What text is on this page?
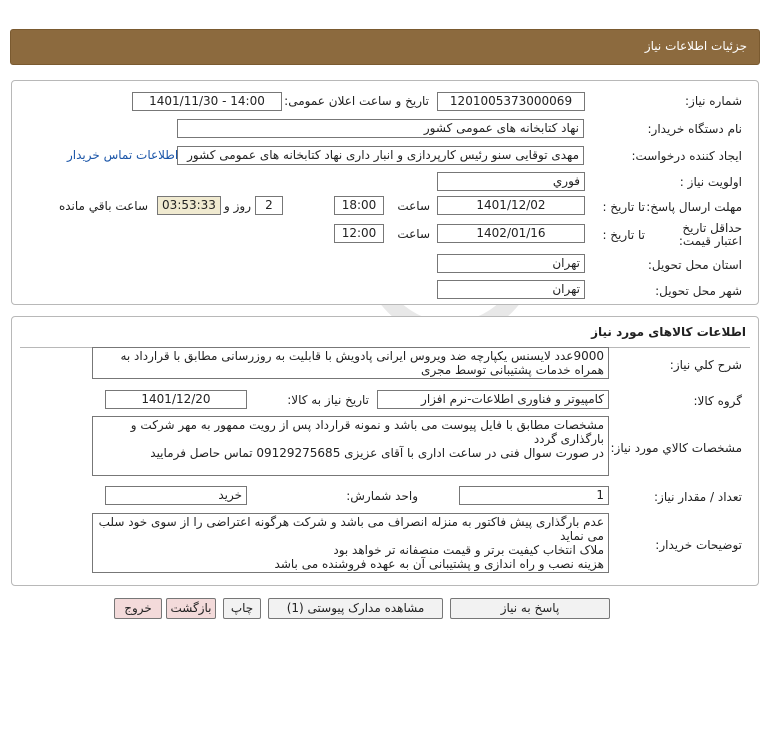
جزئیات اطلاعات نیاز
شماره نیاز:
1201005373000069
تاریخ و ساعت اعلان عمومی:
1401/11/30 - 14:00
نام دستگاه خریدار:
نهاد کتابخانه های عمومی کشور
ایجاد کننده درخواست:
مهدی توقایی سنو رئیس کارپردازی و انبار داری نهاد کتابخانه های عمومی کشور
اطلاعات تماس خریدار
اولویت نیاز :
فوري
مهلت ارسال پاسخ:
تا تاریخ :
1401/12/02
ساعت
18:00
2
روز و
03:53:33
ساعت باقي مانده
حداقل تاریخ اعتبار قیمت:
تا تاریخ :
1402/01/16
ساعت
12:00
استان محل تحویل:
تهران
شهر محل تحویل:
تهران
اطلاعات کالاهای مورد نیاز
شرح کلي نیاز:
9000عدد لایسنس یکپارچه ضد ویروس ایرانی پادویش با قابلیت به روزرسانی مطابق با قرارداد به همراه خدمات پشتیبانی توسط مجری
گروه کالا:
کامپیوتر و فناوری اطلاعات-نرم افزار
تاریخ نیاز به کالا:
1401/12/20
مشخصات کالاي مورد نیاز:
مشخصات مطابق با فایل پیوست می باشد و نمونه قرارداد پس از رویت ممهور به مهر شرکت و بارگذاری گردد
در صورت سوال فنی در ساعت اداری با آقای عزیزی 09129275685 تماس حاصل فرمایید
تعداد / مقدار نیاز:
1
واحد شمارش:
خرید
توضیحات خریدار:
عدم بارگذاری پیش فاکتور به منزله انصراف می باشد و شرکت هرگونه اعتراضی را از سوی خود سلب می نماید
ملاک انتخاب کیفیت برتر و قیمت منصفانه تر خواهد بود
هزینه نصب و راه اندازی و پشتیبانی آن به عهده فروشنده می باشد
پاسخ به نیاز
مشاهده مدارک پیوستی (1)
چاپ
بازگشت
خروج
